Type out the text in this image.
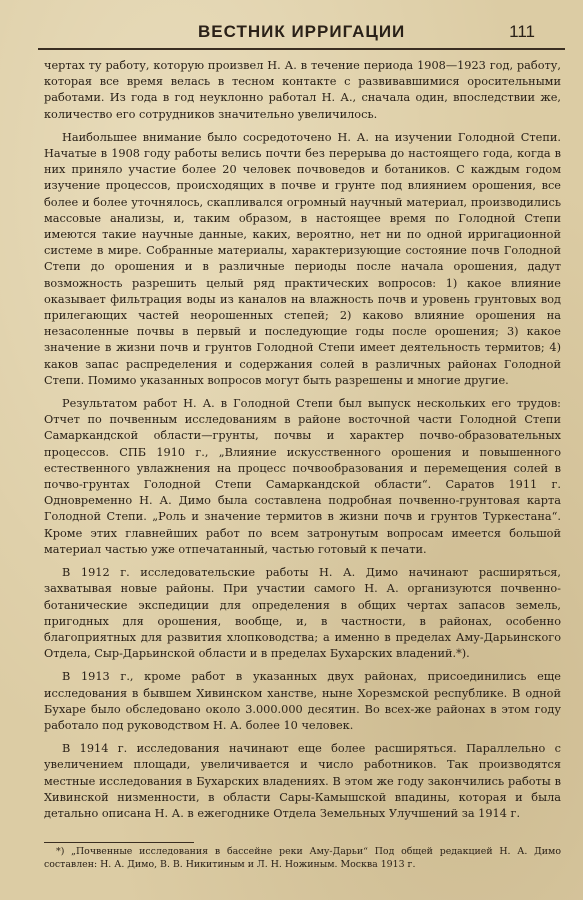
ВЕСТНИК ИРРИГАЦИИ	111

чертах ту работу, которую произвел Н. А. в течение периода 1908—1923 год, работу, которая все время велась в тесном контакте с развивавшимися оросительными работами. Из года в год неуклонно работал Н. А., сначала один, впоследствии же, количество его сотрудников значительно увеличилось.

Наибольшее внимание было сосредоточено Н. А. на изучении Голодной Степи. Начатые в 1908 году работы велись почти без перерыва до настоящего года, когда в них приняло участие более 20 человек почвоведов и ботаников. С каждым годом изучение процессов, происходящих в почве и грунте под влиянием орошения, все более и более уточнялось, скапливался огромный научный материал, производились массовые анализы, и, таким образом, в настоящее время по Голодной Степи имеются такие научные данные, каких, вероятно, нет ни по одной ирригационной системе в мире. Собранные материалы, характеризующие состояние почв Голодной Степи до орошения и в различные периоды после начала орошения, дадут возможность разрешить целый ряд практических вопросов: 1) какое влияние оказывает фильтрация воды из каналов на влажность почв и уровень грунтовых вод прилегающих частей неорошенных степей; 2) каково влияние орошения на незасоленные почвы в первый и последующие годы после орошения; 3) какое значение в жизни почв и грунтов Голодной Степи имеет деятельность термитов; 4) каков запас распределения и содержания солей в различных районах Голодной Степи. Помимо указанных вопросов могут быть разрешены и многие другие.

Результатом работ Н. А. в Голодной Степи был выпуск нескольких его трудов: Отчет по почвенным исследованиям в районе восточной части Голодной Степи Самаркандской области—грунты, почвы и характер почво-образовательных процессов. СПБ 1910 г., „Влияние искусственного орошения и повышенного естественного увлажнения на процесс почвообразования и перемещения солей в почво-грунтах Голодной Степи Самаркандской области“. Саратов 1911 г. Одновременно Н. А. Димо была составлена подробная почвенно-грунтовая карта Голодной Степи. „Роль и значение термитов в жизни почв и грунтов Туркестана“. Кроме этих главнейших работ по всем затронутым вопросам имеется большой материал частью уже отпечатанный, частью готовый к печати.

В 1912 г. исследовательские работы Н. А. Димо начинают расширяться, захватывая новые районы. При участии самого Н. А. организуются почвенно-ботанические экспедиции для определения в общих чертах запасов земель, пригодных для орошения, вообще, и, в частности, в районах, особенно благоприятных для развития хлопководства; а именно в пределах Аму-Дарьинского Отдела, Сыр-Дарьинской области и в пределах Бухарских владений.*).

В 1913 г., кроме работ в указанных двух районах, присоединились еще исследования в бывшем Хивинском ханстве, ныне Хорезмской республике. В одной Бухаре было обследовано около 3.000.000 десятин. Во всех-же районах в этом году работало под руководством Н. А. более 10 человек.

В 1914 г. исследования начинают еще более расширяться. Параллельно с увеличением площади, увеличивается и число работников. Так производятся местные исследования в Бухарских владениях. В этом же году закончились работы в Хивинской низменности, в области Сары-Камышской впадины, которая и была детально описана Н. А. в ежегоднике Отдела Земельных Улучшений за 1914 г.

*) „Почвенные исследования в бассейне реки Аму-Дарьи“ Под общей редакцией Н. А. Димо составлен: Н. А. Димо, В. В. Никитиным и Л. Н. Ножиным. Москва 1913 г.
